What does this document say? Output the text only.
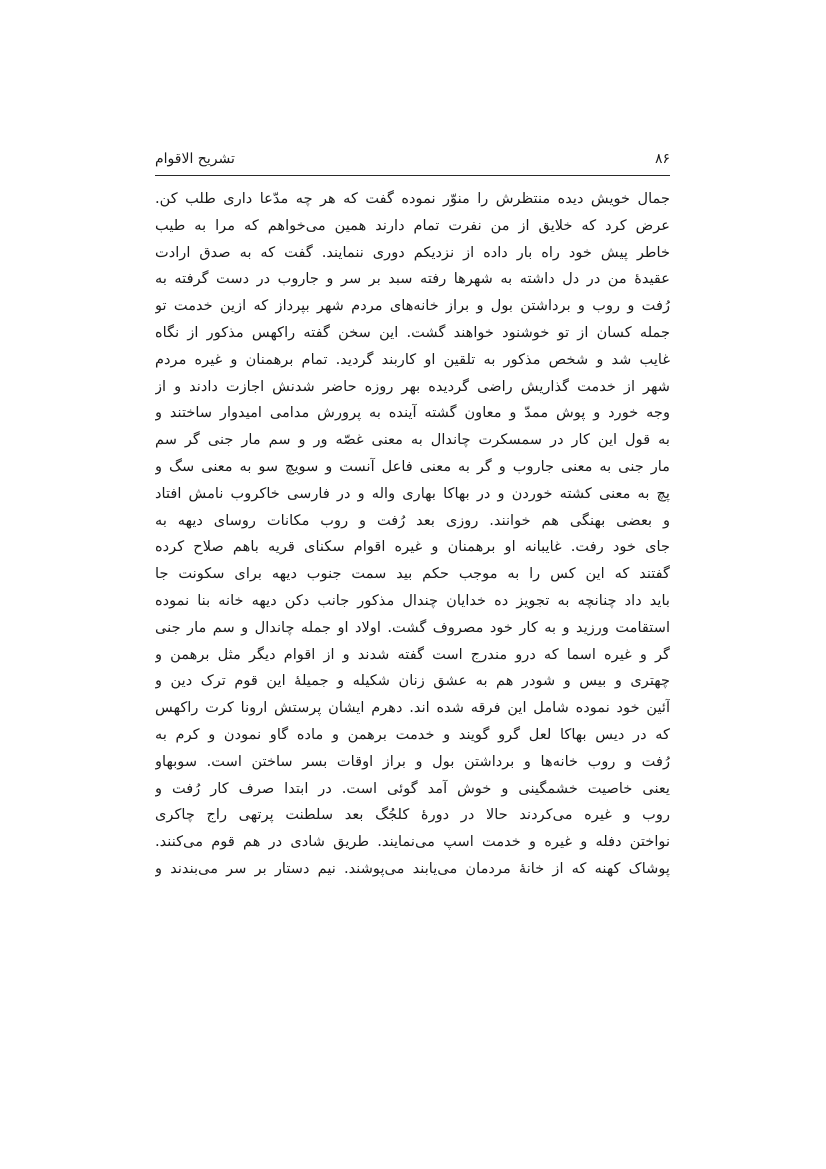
۸۶
تشریح الاقوام
جمال خویش دیده منتظرش را منوّر نموده گفت که هر چه مدّعا داری طلب کن.
عرض کرد که خلایق از من نفرت تمام دارند همین می‌خواهم که مرا به طیب
خاطر پیش خود راه بار داده از نزدیکم دوری ننمایند. گفت که به صدق ارادت
عقیدهٔ من در دل داشته به شهرها رفته سبد بر سر و جاروب در دست گرفته به
رُفت و روب و برداشتن بول و براز خانه‌های مردم شهر بپرداز که ازین خدمت تو
جمله کسان از تو خوشنود خواهند گشت. این سخن گفته راکهس مذکور از نگاه
غایب شد و شخص مذکور به تلقین او کاربند گردید. تمام برهمنان و غیره مردم
شهر از خدمت گذاریش راضی گردیده بهر روزه حاضر شدنش اجازت دادند و از
وجه خورد و پوش ممدّ و معاون گشته آینده به پرورش مدامی امیدوار ساختند و
به قول این کار در سمسکرت چاندال به معنی غصّه ور و سم مار جنی گر سم
مار جنی به معنی جاروب و گر به معنی فاعل آنست و سویچ سو به معنی سگ و
پچ به معنی کشته خوردن و در بهاکا بهاری واله و در فارسی خاکروب نامش افتاد
و بعضی بهنگی هم خوانند. روزی بعد رُفت و روب مکانات روسای دیهه به
جای خود رفت. غایبانه او برهمنان و غیره اقوام سکنای قریه باهم صلاح کرده
گفتند که این کس را به موجب حکم بید سمت جنوب دیهه برای سکونت جا
باید داد چنانچه به تجویز ده خدایان چندال مذکور جانب دکن دیهه خانه بنا نموده
استقامت ورزید و به کار خود مصروف گشت. اولاد او جمله چاندال و سم مار جنی
گر و غیره اسما که درو مندرج است گفته شدند و از اقوام دیگر مثل برهمن و
چهتری و بیس و شودر هم به عشق زنان شکیله و جمیلهٔ این قوم ترک دین و
آئین خود نموده شامل این فرقه شده اند. دهرم ایشان پرستش ارونا کرت راکهس
که در دیس بهاکا لعل گرو گویند و خدمت برهمن و ماده گاو نمودن و کرم به
رُفت و روب خانه‌ها و برداشتن بول و براز اوقات بسر ساختن است. سوبهاو
یعنی خاصیت خشمگینی و خوش آمد گوئی است. در ابتدا صرف کار رُفت و
روب و غیره می‌کردند حالا در دورهٔ کلجُگ بعد سلطنت پرتهی راج چاکری
نواختن دفله و غیره و خدمت اسپ می‌نمایند. طریق شادی در هم قوم می‌کنند.
پوشاک کهنه که از خانهٔ مردمان می‌یابند می‌پوشند. نیم دستار بر سر می‌بندند و
